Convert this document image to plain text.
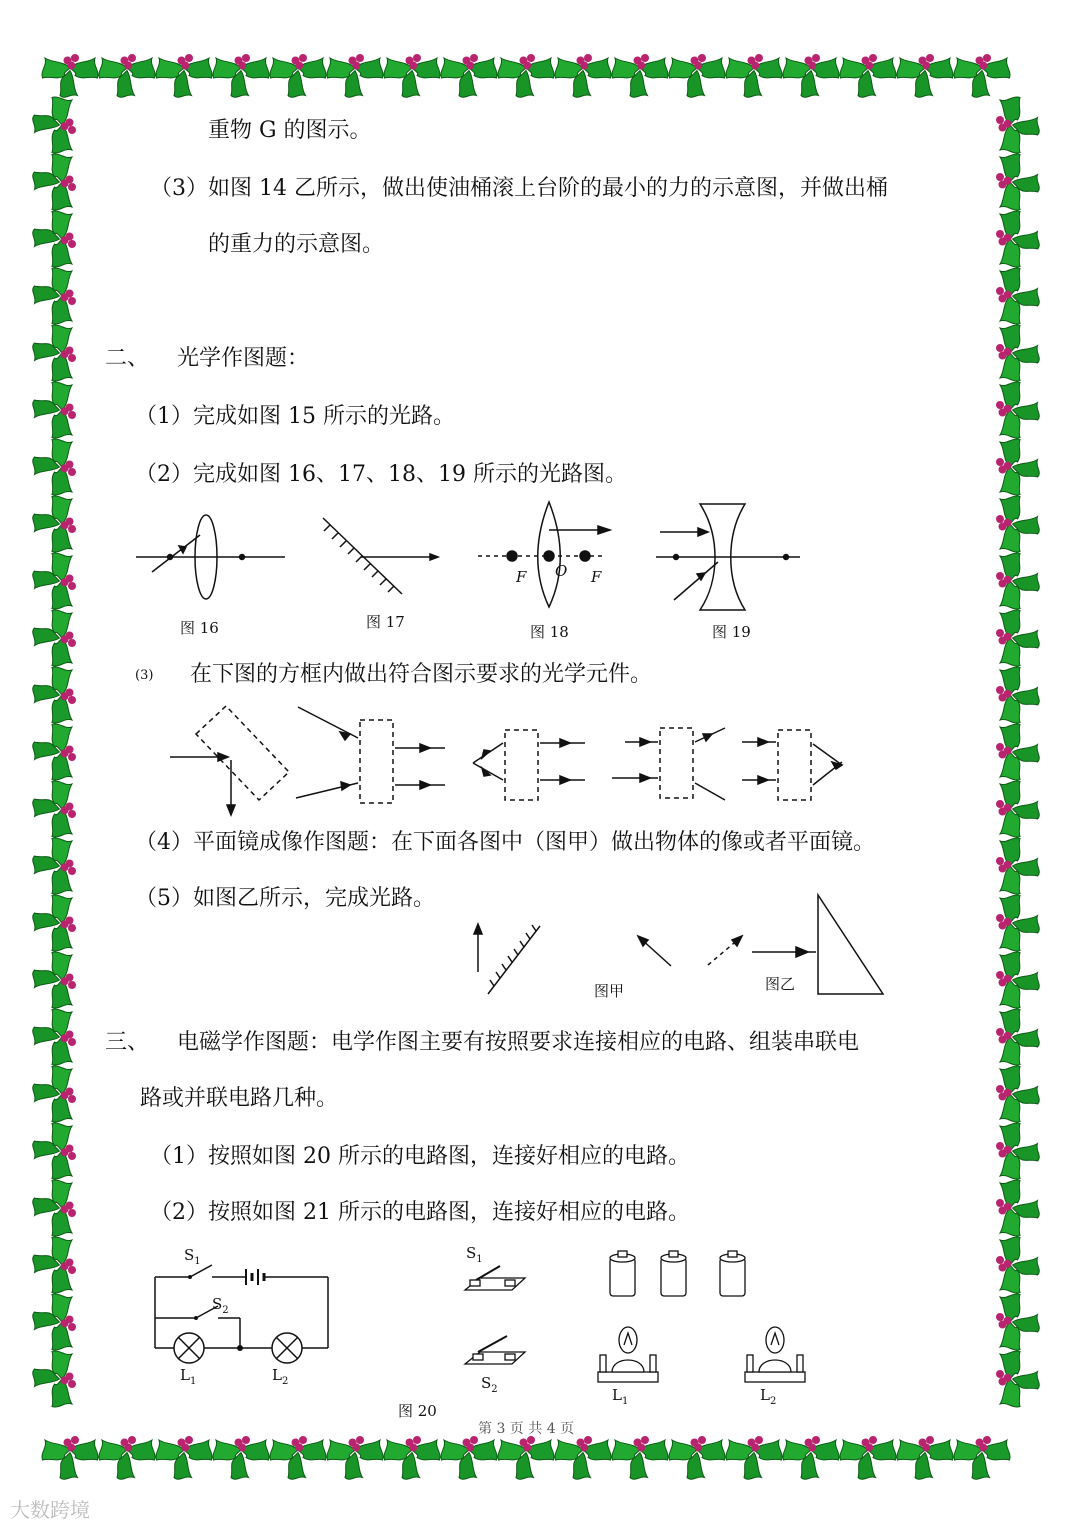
重物 G 的图示。
（3）如图 14 乙所示，做出使油桶滚上台阶的最小的力的示意图，并做出桶
的重力的示意图。
二、    光学作图题：
（1）完成如图 15 所示的光路。
（2）完成如图 16、17、18、19 所示的光路图。
F O F
图 16	图 17
图 18	图 19
(3) 在下图的方框内做出符合图示要求的光学元件。
（4）平面镜成像作图题：在下面各图中（图甲）做出物体的像或者平面镜。
（5）如图乙所示，完成光路。
图甲	图乙
三、    电磁学作图题：电学作图主要有按照要求连接相应的电路、组装串联电
路或并联电路几种。
（1）按照如图 20 所示的电路图，连接好相应的电路。
（2）按照如图 21 所示的电路图，连接好相应的电路。
$S_1$
$S_2$
$L_1$	$L_2$
图 20
$S_1$
$S_2$	$L_1$	$L_2$
第 3 页 共 4 页
大数跨境
